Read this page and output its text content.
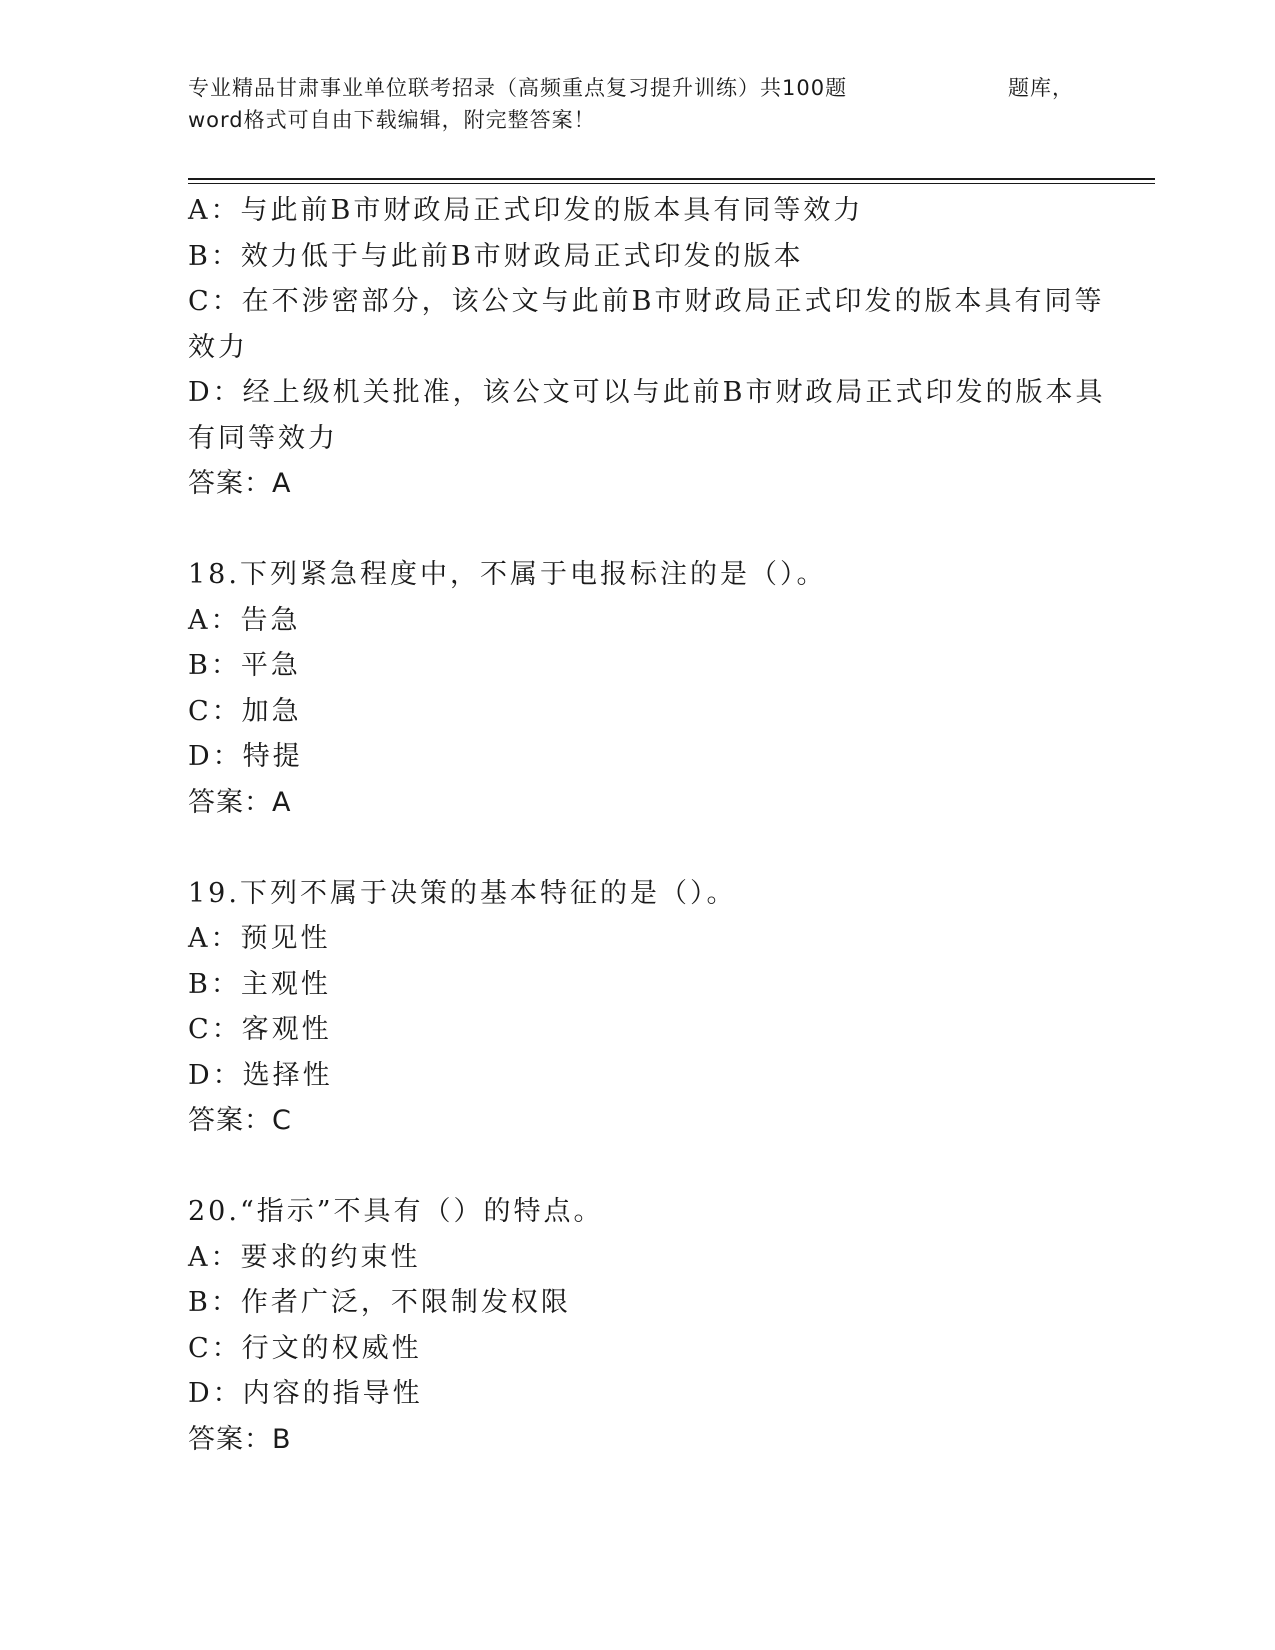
专业精品甘肃事业单位联考招录（高频重点复习提升训练）共100题	题库，
word格式可自由下载编辑，附完整答案！
A：与此前B市财政局正式印发的版本具有同等效力
B：效力低于与此前B市财政局正式印发的版本
C：在不涉密部分，该公文与此前B市财政局正式印发的版本具有同等
效力
D：经上级机关批准，该公文可以与此前B市财政局正式印发的版本具
有同等效力
答案：A
18.下列紧急程度中，不属于电报标注的是（）。
A：告急
B：平急
C：加急
D：特提
答案：A
19.下列不属于决策的基本特征的是（）。
A：预见性
B：主观性
C：客观性
D：选择性
答案：C
20.“指示”不具有（）的特点。
A：要求的约束性
B：作者广泛，不限制发权限
C：行文的权威性
D：内容的指导性
答案：B
